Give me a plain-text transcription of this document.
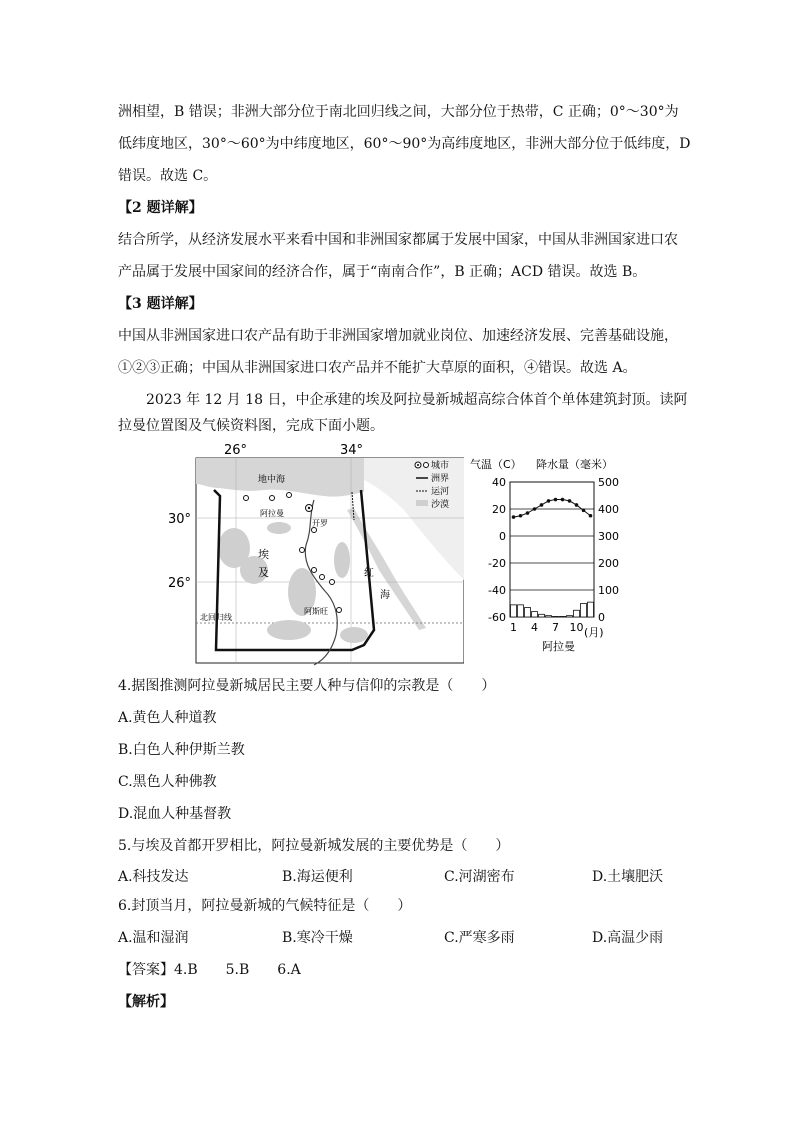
洲相望，B 错误；非洲大部分位于南北回归线之间，大部分位于热带，C 正确；0°～30°为
低纬度地区，30°～60°为中纬度地区，60°～90°为高纬度地区，非洲大部分位于低纬度，D
错误。故选 C。
【2 题详解】
结合所学，从经济发展水平来看中国和非洲国家都属于发展中国家，中国从非洲国家进口农
产品属于发展中国家间的经济合作，属于“南南合作”，B 正确；ACD 错误。故选 B。
【3 题详解】
中国从非洲国家进口农产品有助于非洲国家增加就业岗位、加速经济发展、完善基础设施，
①②③正确；中国从非洲国家进口农产品并不能扩大草原的面积，④错误。故选 A。
2023 年 12 月 18 日，中企承建的埃及阿拉曼新城超高综合体首个单体建筑封顶。读阿
拉曼位置图及气候资料图，完成下面小题。
26°	34°
30°
26°
地中海
阿拉曼
开罗
埃
及	红
海
阿斯旺
北回归线
城市
洲界
运河
沙漠
气温（C） 降水量（毫米）
40
20
0
-20
-40
-60
500
400
300
200
100
0
1 4 7 10 (月)
阿拉曼
4.据图推测阿拉曼新城居民主要人种与信仰的宗教是（　　）
A.黄色人种道教
B.白色人种伊斯兰教
C.黑色人种佛教
D.混血人种基督教
5.与埃及首都开罗相比，阿拉曼新城发展的主要优势是（　　）
A.科技发达	B.海运便利	C.河湖密布	D.土壤肥沃
6.封顶当月，阿拉曼新城的气候特征是（　　）
A.温和湿润	B.寒冷干燥	C.严寒多雨	D.高温少雨
【答案】4.B　　5.B　　6.A
【解析】
